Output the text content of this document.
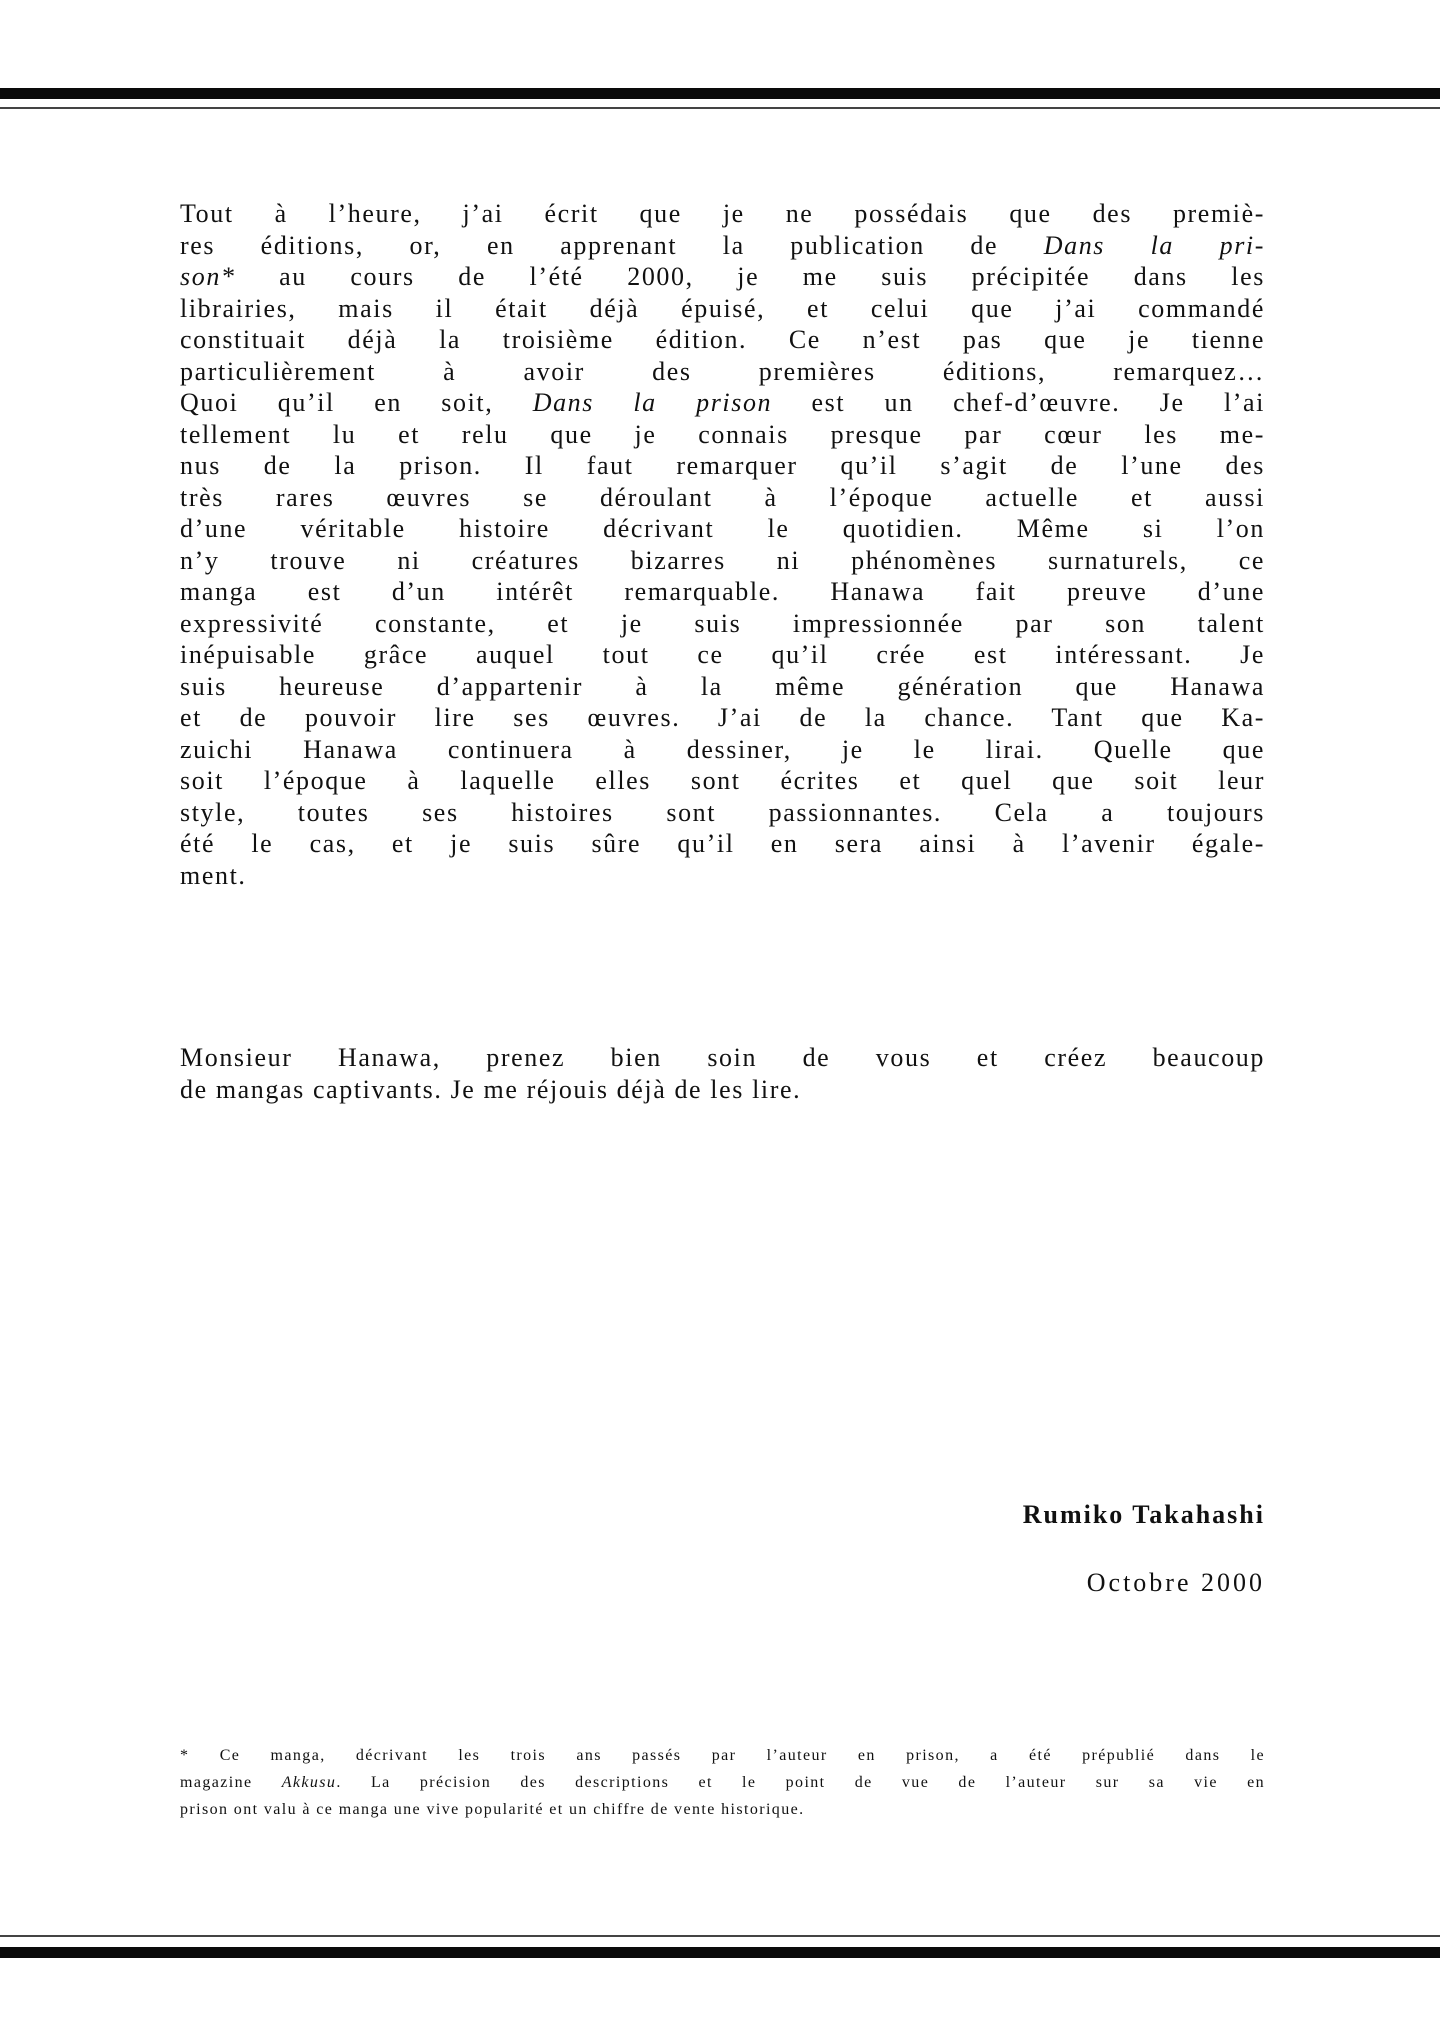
Tout à l’heure, j’ai écrit que je ne possédais que des premiè-
res éditions, or, en apprenant la publication de Dans la pri-
son* au cours de l’été 2000, je me suis précipitée dans les
librairies, mais il était déjà épuisé, et celui que j’ai commandé
constituait déjà la troisième édition. Ce n’est pas que je tienne
particulièrement à avoir des premières éditions, remarquez…
Quoi qu’il en soit, Dans la prison est un chef-d’œuvre. Je l’ai
tellement lu et relu que je connais presque par cœur les me-
nus de la prison. Il faut remarquer qu’il s’agit de l’une des
très rares œuvres se déroulant à l’époque actuelle et aussi
d’une véritable histoire décrivant le quotidien. Même si l’on
n’y trouve ni créatures bizarres ni phénomènes surnaturels, ce
manga est d’un intérêt remarquable. Hanawa fait preuve d’une
expressivité constante, et je suis impressionnée par son talent
inépuisable grâce auquel tout ce qu’il crée est intéressant. Je
suis heureuse d’appartenir à la même génération que Hanawa
et de pouvoir lire ses œuvres. J’ai de la chance. Tant que Ka-
zuichi Hanawa continuera à dessiner, je le lirai. Quelle que
soit l’époque à laquelle elles sont écrites et quel que soit leur
style, toutes ses histoires sont passionnantes. Cela a toujours
été le cas, et je suis sûre qu’il en sera ainsi à l’avenir égale-
ment.
Monsieur Hanawa, prenez bien soin de vous et créez beaucoup
de mangas captivants. Je me réjouis déjà de les lire.
Rumiko Takahashi
Octobre 2000
* Ce manga, décrivant les trois ans passés par l’auteur en prison, a été prépublié dans le
magazine Akkusu. La précision des descriptions et le point de vue de l’auteur sur sa vie en
prison ont valu à ce manga une vive popularité et un chiffre de vente historique.
